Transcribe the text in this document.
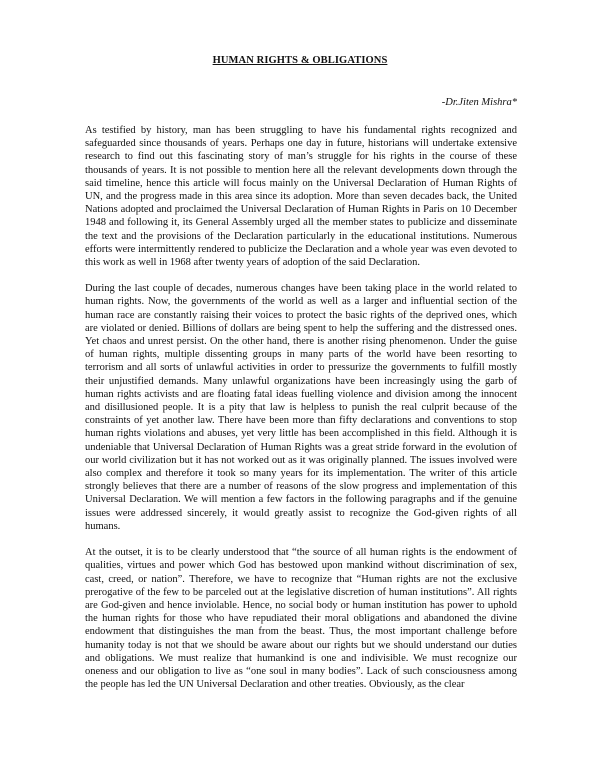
HUMAN RIGHTS & OBLIGATIONS
-Dr.Jiten Mishra*

As testified by history, man has been struggling to have his fundamental rights recognized and safeguarded since thousands of years. Perhaps one day in future, historians will undertake extensive research to find out this fascinating story of man’s struggle for his rights in the course of these thousands of years. It is not possible to mention here all the relevant developments down through the said timeline, hence this article will focus mainly on the Universal Declaration of Human Rights of UN, and the progress made in this area since its adoption. More than seven decades back, the United Nations adopted and proclaimed the Universal Declaration of Human Rights in Paris on 10 December 1948 and following it, its General Assembly urged all the member states to publicize and disseminate the text and the provisions of the Declaration particularly in the educational institutions. Numerous efforts were intermittently rendered to publicize the Declaration and a whole year was even devoted to this work as well in 1968 after twenty years of adoption of the said Declaration.

During the last couple of decades, numerous changes have been taking place in the world related to human rights. Now, the governments of the world as well as a larger and influential section of the human race are constantly raising their voices to protect the basic rights of the deprived ones, which are violated or denied. Billions of dollars are being spent to help the suffering and the distressed ones. Yet chaos and unrest persist. On the other hand, there is another rising phenomenon. Under the guise of human rights, multiple dissenting groups in many parts of the world have been resorting to terrorism and all sorts of unlawful activities in order to pressurize the governments to fulfill mostly their unjustified demands. Many unlawful organizations have been increasingly using the garb of human rights activists and are floating fatal ideas fuelling violence and division among the innocent and disillusioned people. It is a pity that law is helpless to punish the real culprit because of the constraints of yet another law. There have been more than fifty declarations and conventions to stop human rights violations and abuses, yet very little has been accomplished in this field. Although it is undeniable that Universal Declaration of Human Rights was a great stride forward in the evolution of our world civilization but it has not worked out as it was originally planned. The issues involved were also complex and therefore it took so many years for its implementation. The writer of this article strongly believes that there are a number of reasons of the slow progress and implementation of this Universal Declaration. We will mention a few factors in the following paragraphs and if the genuine issues were addressed sincerely, it would greatly assist to recognize the God-given rights of all humans.

At the outset, it is to be clearly understood that “the source of all human rights is the endowment of qualities, virtues and power which God has bestowed upon mankind without discrimination of sex, cast, creed, or nation”. Therefore, we have to recognize that “Human rights are not the exclusive prerogative of the few to be parceled out at the legislative discretion of human institutions”. All rights are God-given and hence inviolable. Hence, no social body or human institution has power to uphold the human rights for those who have repudiated their moral obligations and abandoned the divine endowment that distinguishes the man from the beast. Thus, the most important challenge before humanity today is not that we should be aware about our rights but we should understand our duties and obligations. We must realize that humankind is one and indivisible. We must recognize our oneness and our obligation to live as “one soul in many bodies”. Lack of such consciousness among the people has led the UN Universal Declaration and other treaties. Obviously, as the clear
